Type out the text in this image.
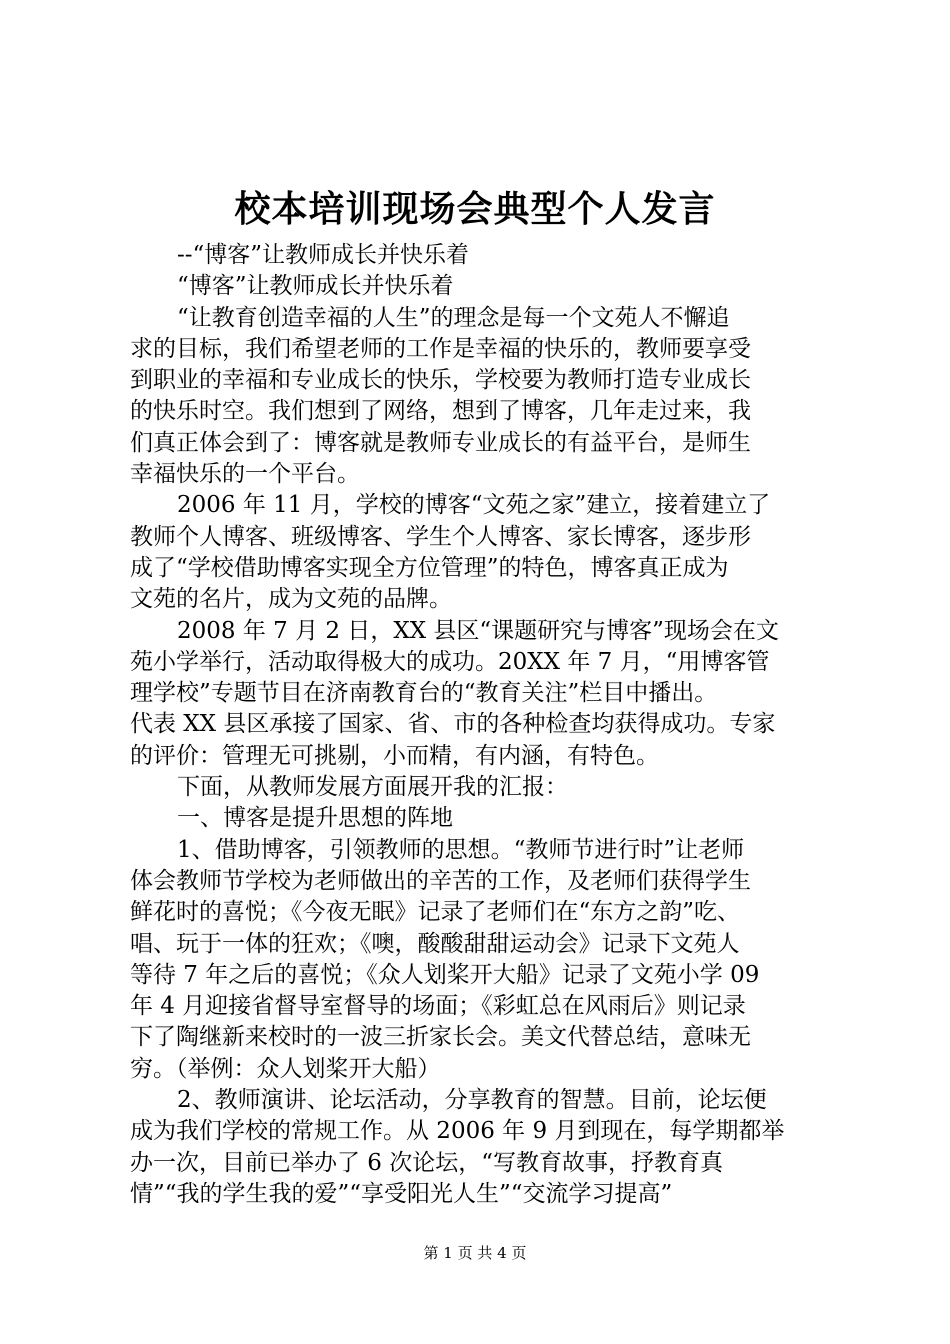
校本培训现场会典型个人发言
--“博客”让教师成长并快乐着
“博客”让教师成长并快乐着
“让教育创造幸福的人生”的理念是每一个文苑人不懈追
求的目标，我们希望老师的工作是幸福的快乐的，教师要享受
到职业的幸福和专业成长的快乐，学校要为教师打造专业成长
的快乐时空。我们想到了网络，想到了博客，几年走过来，我
们真正体会到了：博客就是教师专业成长的有益平台，是师生
幸福快乐的一个平台。
2006 年 11 月，学校的博客“文苑之家”建立，接着建立了
教师个人博客、班级博客、学生个人博客、家长博客，逐步形
成了“学校借助博客实现全方位管理”的特色，博客真正成为
文苑的名片，成为文苑的品牌。
2008 年 7 月 2 日，XX 县区“课题研究与博客”现场会在文
苑小学举行，活动取得极大的成功。20XX 年 7 月，“用博客管
理学校”专题节目在济南教育台的“教育关注”栏目中播出。
代表 XX 县区承接了国家、省、市的各种检查均获得成功。专家
的评价：管理无可挑剔，小而精，有内涵，有特色。
下面，从教师发展方面展开我的汇报：
一、博客是提升思想的阵地
1、借助博客，引领教师的思想。“教师节进行时”让老师
体会教师节学校为老师做出的辛苦的工作，及老师们获得学生
鲜花时的喜悦；《今夜无眠》记录了老师们在“东方之韵”吃、
唱、玩于一体的狂欢；《噢，酸酸甜甜运动会》记录下文苑人
等待 7 年之后的喜悦；《众人划桨开大船》记录了文苑小学 09
年 4 月迎接省督导室督导的场面；《彩虹总在风雨后》则记录
下了陶继新来校时的一波三折家长会。美文代替总结，意味无
穷。（举例：众人划桨开大船）
2、教师演讲、论坛活动，分享教育的智慧。目前，论坛便
成为我们学校的常规工作。从 2006 年 9 月到现在，每学期都举
办一次，目前已举办了 6 次论坛，“写教育故事，抒教育真
情”“我的学生我的爱”“享受阳光人生”“交流学习提高”
第 1 页 共 4 页
